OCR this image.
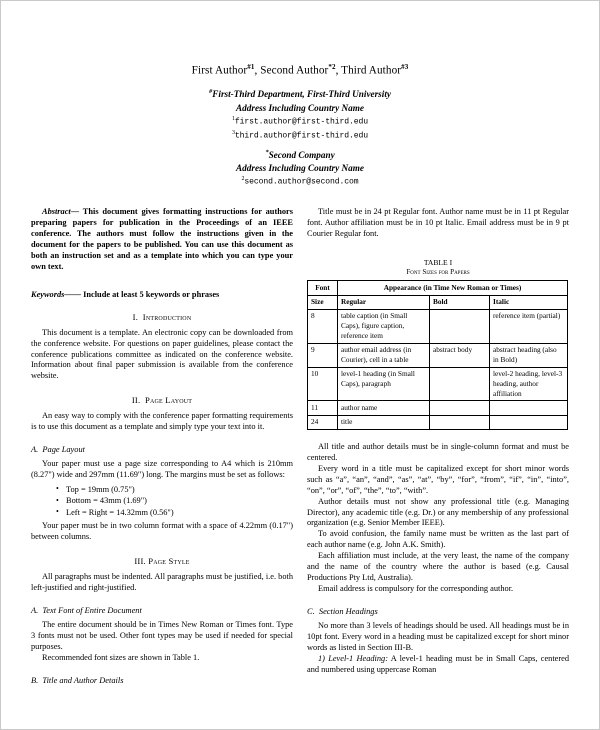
First Author$^{\#1}$, Second Author$^{*2}$, Third Author$^{\#3}$
#First-Third Department, First-Third University
Address Including Country Name
$^1$first.author@first-third.edu
$^3$third.author@first-third.edu
*Second Company
Address Including Country Name
$^2$second.author@second.com

Abstract— This document gives formatting instructions for authors preparing papers for publication in the Proceedings of an IEEE conference. The authors must follow the instructions given in the document for the papers to be published. You can use this document as both an instruction set and as a template into which you can type your own text.

Keywords—— Include at least 5 keywords or phrases

I. Introduction

This document is a template. An electronic copy can be downloaded from the conference website. For questions on paper guidelines, please contact the conference publications committee as indicated on the conference website. Information about final paper submission is available from the conference website.

II. Page Layout

An easy way to comply with the conference paper formatting requirements is to use this document as a template and simply type your text into it.

A. Page Layout

Your paper must use a page size corresponding to A4 which is 210mm (8.27") wide and 297mm (11.69") long. The margins must be set as follows:

• Top = 19mm (0.75")
• Bottom = 43mm (1.69")
• Left = Right = 14.32mm (0.56")

Your paper must be in two column format with a space of 4.22mm (0.17") between columns.

III. Page Style

All paragraphs must be indented. All paragraphs must be justified, i.e. both left-justified and right-justified.

A. Text Font of Entire Document

The entire document should be in Times New Roman or Times font. Type 3 fonts must not be used. Other font types may be used if needed for special purposes.

Recommended font sizes are shown in Table 1.

B. Title and Author Details

Title must be in 24 pt Regular font. Author name must be in 11 pt Regular font. Author affiliation must be in 10 pt Italic. Email address must be in 9 pt Courier Regular font.

TABLE I
Font Sizes for Papers
Font	Appearance (in Time New Roman or Times)		
Size	Regular	Bold	Italic
8	table caption (in Small Caps), figure caption, reference item		reference item (partial)
9	author email address (in Courier), cell in a table	abstract body	abstract heading (also in Bold)
10	level-1 heading (in Small Caps), paragraph		level-2 heading, level-3 heading, author affiliation
11	author name		
24	title		

All title and author details must be in single-column format and must be centered.

Every word in a title must be capitalized except for short minor words such as “a”, “an”, “and”, “as”, “at”, “by”, “for”, “from”, “if”, “in”, “into”, “on”, “or”, “of”, “the”, “to”, “with”.

Author details must not show any professional title (e.g. Managing Director), any academic title (e.g. Dr.) or any membership of any professional organization (e.g. Senior Member IEEE).

To avoid confusion, the family name must be written as the last part of each author name (e.g. John A.K. Smith).

Each affiliation must include, at the very least, the name of the company and the name of the country where the author is based (e.g. Causal Productions Pty Ltd, Australia).

Email address is compulsory for the corresponding author.

C. Section Headings

No more than 3 levels of headings should be used. All headings must be in 10pt font. Every word in a heading must be capitalized except for short minor words as listed in Section III-B.

1) Level-1 Heading: A level-1 heading must be in Small Caps, centered and numbered using uppercase Roman
